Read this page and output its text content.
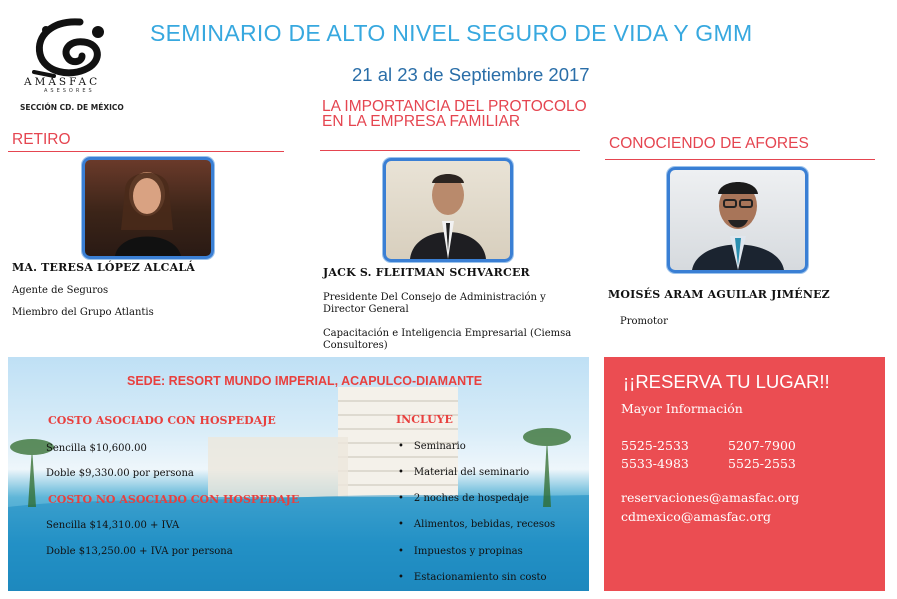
AMASFAC
ASESORES
SECCIÓN CD. DE MÉXICO
SEMINARIO DE ALTO NIVEL SEGURO DE VIDA Y GMM
21 al 23 de Septiembre 2017
RETIRO
MA. TERESA LÓPEZ ALCALÁ
Agente de Seguros
Miembro del Grupo Atlantis
LA IMPORTANCIA DEL PROTOCOLO EN LA EMPRESA FAMILIAR
JACK S. FLEITMAN SCHVARCER
Presidente Del Consejo de Administración y Director General
Capacitación e Inteligencia Empresarial (Ciemsa Consultores)
CONOCIENDO DE AFORES
MOISÉS ARAM AGUILAR JIMÉNEZ
Promotor
SEDE: RESORT MUNDO IMPERIAL, ACAPULCO-DIAMANTE
COSTO ASOCIADO CON HOSPEDAJE
Sencilla $10,600.00
Doble $9,330.00 por persona
COSTO NO ASOCIADO CON HOSPEDAJE
Sencilla $14,310.00 + IVA
Doble $13,250.00 + IVA por persona
INCLUYE
• Seminario
• Material del seminario
• 2 noches de hospedaje
• Alimentos, bebidas, recesos
• Impuestos y propinas
• Estacionamiento sin costo
¡¡RESERVA TU LUGAR!!
Mayor Información
5525-2533	5207-7900
5533-4983	5525-2553
reservaciones@amasfac.org
cdmexico@amasfac.org
